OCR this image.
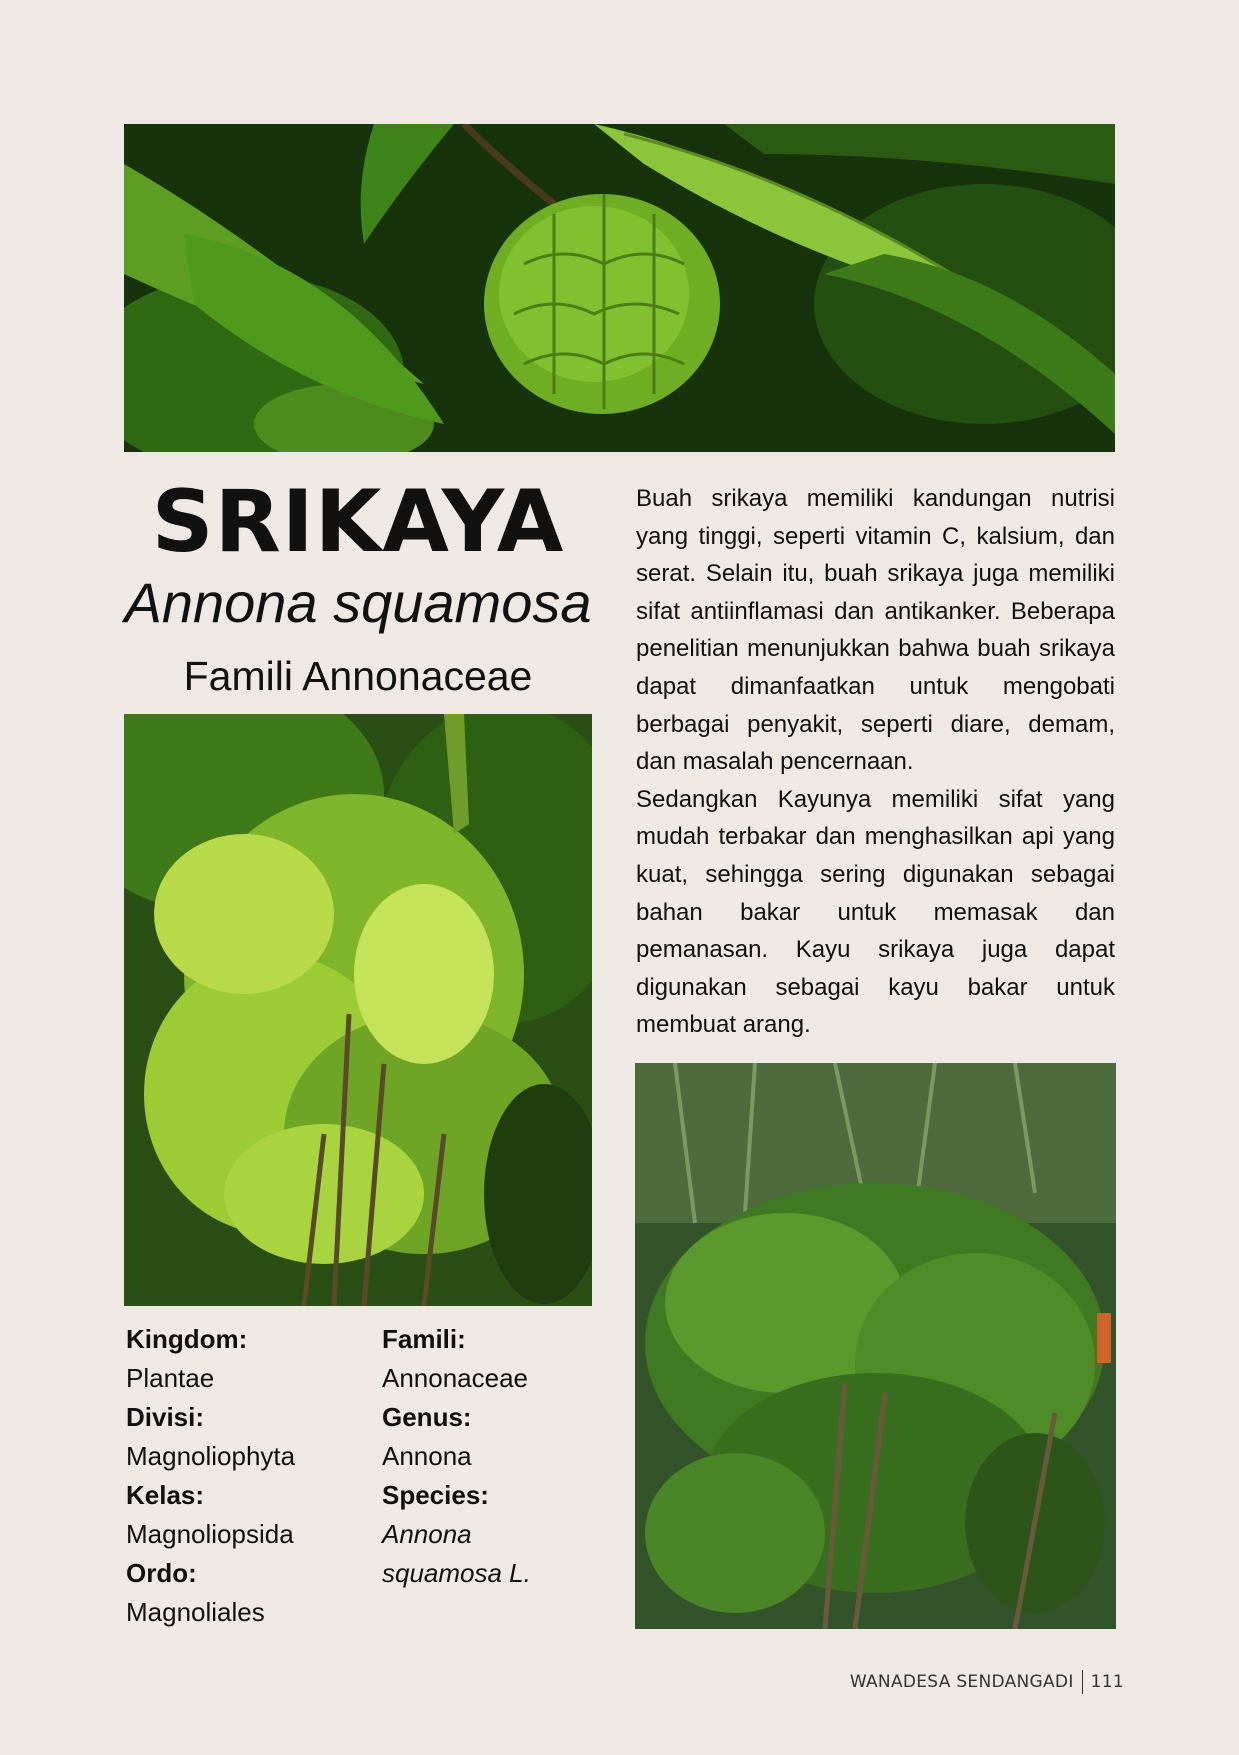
SRIKAYA
Annona squamosa
Famili Annonaceae

Buah srikaya memiliki kandungan nutrisi yang tinggi, seperti vitamin C, kalsium, dan serat. Selain itu, buah srikaya juga memiliki sifat antiinflamasi dan antikanker. Beberapa penelitian menunjukkan bahwa buah srikaya dapat dimanfaatkan untuk mengobati berbagai penyakit, seperti diare, demam, dan masalah pencernaan.

Sedangkan Kayunya memiliki sifat yang mudah terbakar dan menghasilkan api yang kuat, sehingga sering digunakan sebagai bahan bakar untuk memasak dan pemanasan. Kayu srikaya juga dapat digunakan sebagai kayu bakar untuk membuat arang.

Kingdom:
Plantae
Divisi:
Magnoliophyta
Kelas:
Magnoliopsida
Ordo:
Magnoliales
Famili:
Annonaceae
Genus:
Annona
Species:
Annona
squamosa L.
WANADESA SENDANGADI 111
